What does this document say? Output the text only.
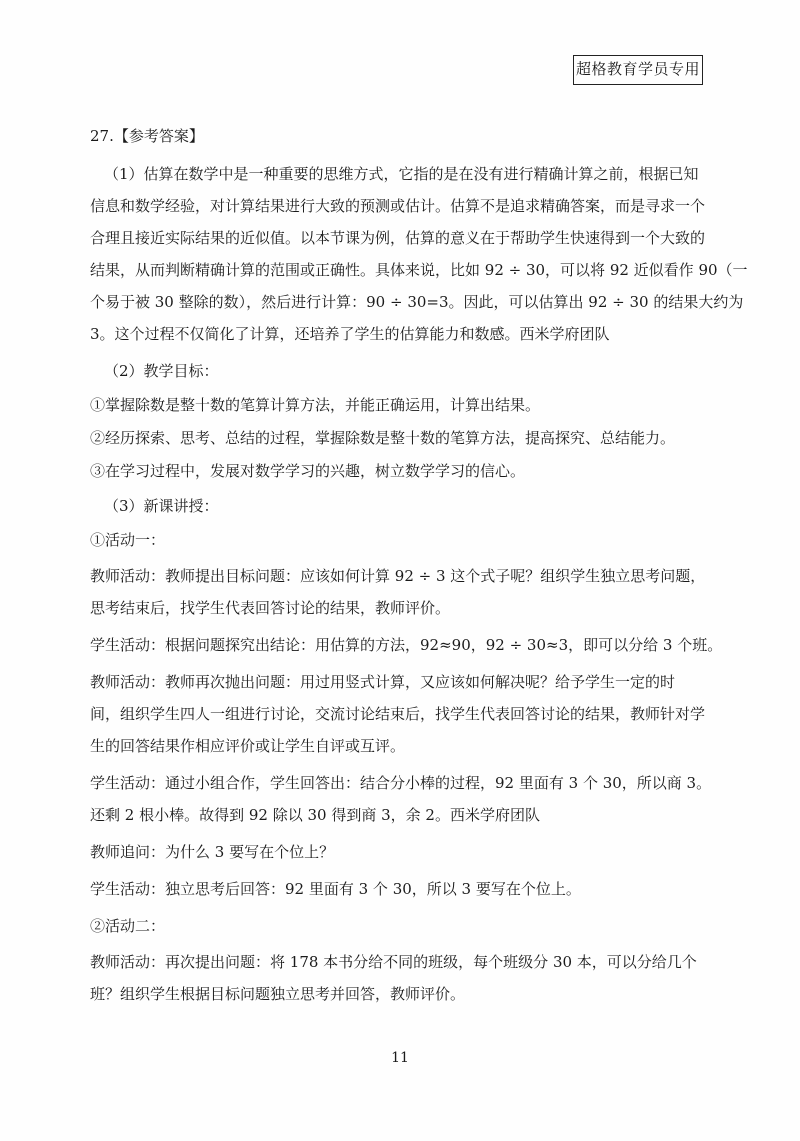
超格教育学员专用

27.【参考答案】

（1）估算在数学中是一种重要的思维方式，它指的是在没有进行精确计算之前，根据已知

信息和数学经验，对计算结果进行大致的预测或估计。估算不是追求精确答案，而是寻求一个

合理且接近实际结果的近似值。以本节课为例，估算的意义在于帮助学生快速得到一个大致的

结果，从而判断精确计算的范围或正确性。具体来说，比如 92 ÷ 30，可以将 92 近似看作 90（一

个易于被 30 整除的数），然后进行计算：90 ÷ 30=3。因此，可以估算出 92 ÷ 30 的结果大约为

3。这个过程不仅简化了计算，还培养了学生的估算能力和数感。西米学府团队

（2）教学目标：

①掌握除数是整十数的笔算计算方法，并能正确运用，计算出结果。

②经历探索、思考、总结的过程，掌握除数是整十数的笔算方法，提高探究、总结能力。

③在学习过程中，发展对数学学习的兴趣，树立数学学习的信心。

（3）新课讲授：

①活动一：

教师活动：教师提出目标问题：应该如何计算 92 ÷ 3 这个式子呢？组织学生独立思考问题，

思考结束后，找学生代表回答讨论的结果，教师评价。

学生活动：根据问题探究出结论：用估算的方法，92≈90，92 ÷ 30≈3，即可以分给 3 个班。

教师活动：教师再次抛出问题：用过用竖式计算，又应该如何解决呢？给予学生一定的时

间，组织学生四人一组进行讨论，交流讨论结束后，找学生代表回答讨论的结果，教师针对学

生的回答结果作相应评价或让学生自评或互评。

学生活动：通过小组合作，学生回答出：结合分小棒的过程，92 里面有 3 个 30，所以商 3。

还剩 2 根小棒。故得到 92 除以 30 得到商 3，余 2。西米学府团队

教师追问：为什么 3 要写在个位上？

学生活动：独立思考后回答：92 里面有 3 个 30，所以 3 要写在个位上。

②活动二：

教师活动：再次提出问题：将 178 本书分给不同的班级，每个班级分 30 本，可以分给几个

班？组织学生根据目标问题独立思考并回答，教师评价。

11
